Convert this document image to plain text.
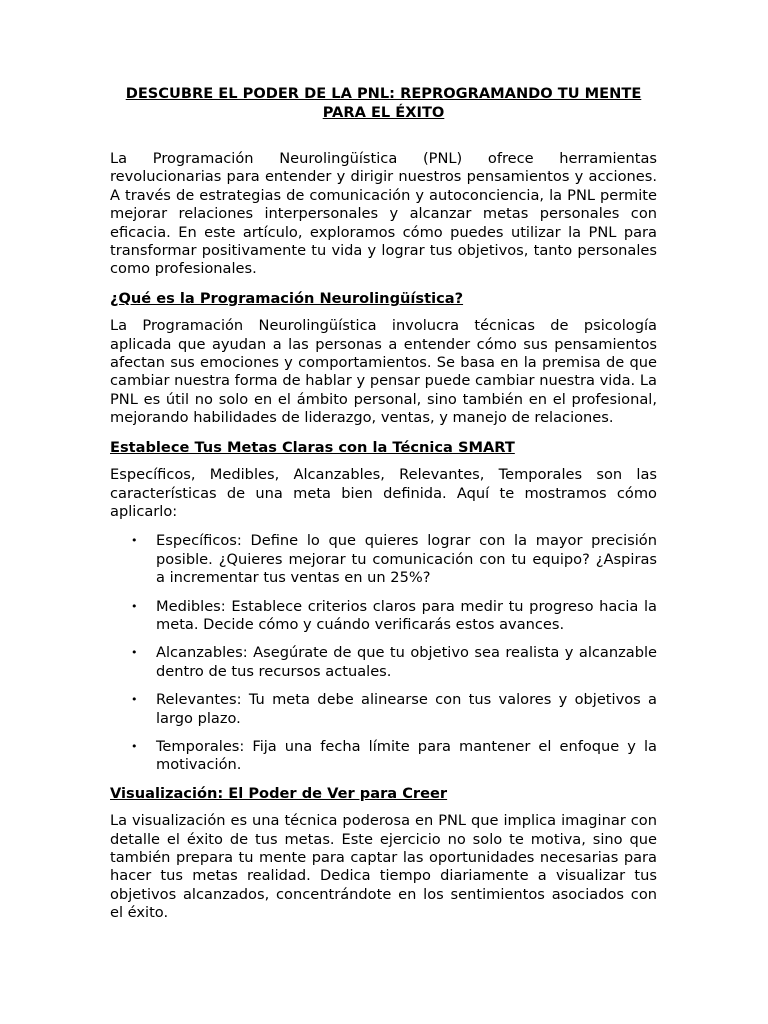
DESCUBRE EL PODER DE LA PNL: REPROGRAMANDO TU MENTE PARA EL ÉXITO

La Programación Neurolingüística (PNL) ofrece herramientas revolucionarias para entender y dirigir nuestros pensamientos y acciones. A través de estrategias de comunicación y autoconciencia, la PNL permite mejorar relaciones interpersonales y alcanzar metas personales con eficacia. En este artículo, exploramos cómo puedes utilizar la PNL para transformar positivamente tu vida y lograr tus objetivos, tanto personales como profesionales.

¿Qué es la Programación Neurolingüística?

La Programación Neurolingüística involucra técnicas de psicología aplicada que ayudan a las personas a entender cómo sus pensamientos afectan sus emociones y comportamientos. Se basa en la premisa de que cambiar nuestra forma de hablar y pensar puede cambiar nuestra vida. La PNL es útil no solo en el ámbito personal, sino también en el profesional, mejorando habilidades de liderazgo, ventas, y manejo de relaciones.

Establece Tus Metas Claras con la Técnica SMART

Específicos, Medibles, Alcanzables, Relevantes, Temporales son las características de una meta bien definida. Aquí te mostramos cómo aplicarlo:

• Específicos: Define lo que quieres lograr con la mayor precisión posible. ¿Quieres mejorar tu comunicación con tu equipo? ¿Aspiras a incrementar tus ventas en un 25%?
• Medibles: Establece criterios claros para medir tu progreso hacia la meta. Decide cómo y cuándo verificarás estos avances.
• Alcanzables: Asegúrate de que tu objetivo sea realista y alcanzable dentro de tus recursos actuales.
• Relevantes: Tu meta debe alinearse con tus valores y objetivos a largo plazo.
• Temporales: Fija una fecha límite para mantener el enfoque y la motivación.
Visualización: El Poder de Ver para Creer

La visualización es una técnica poderosa en PNL que implica imaginar con detalle el éxito de tus metas. Este ejercicio no solo te motiva, sino que también prepara tu mente para captar las oportunidades necesarias para hacer tus metas realidad. Dedica tiempo diariamente a visualizar tus objetivos alcanzados, concentrándote en los sentimientos asociados con el éxito.
